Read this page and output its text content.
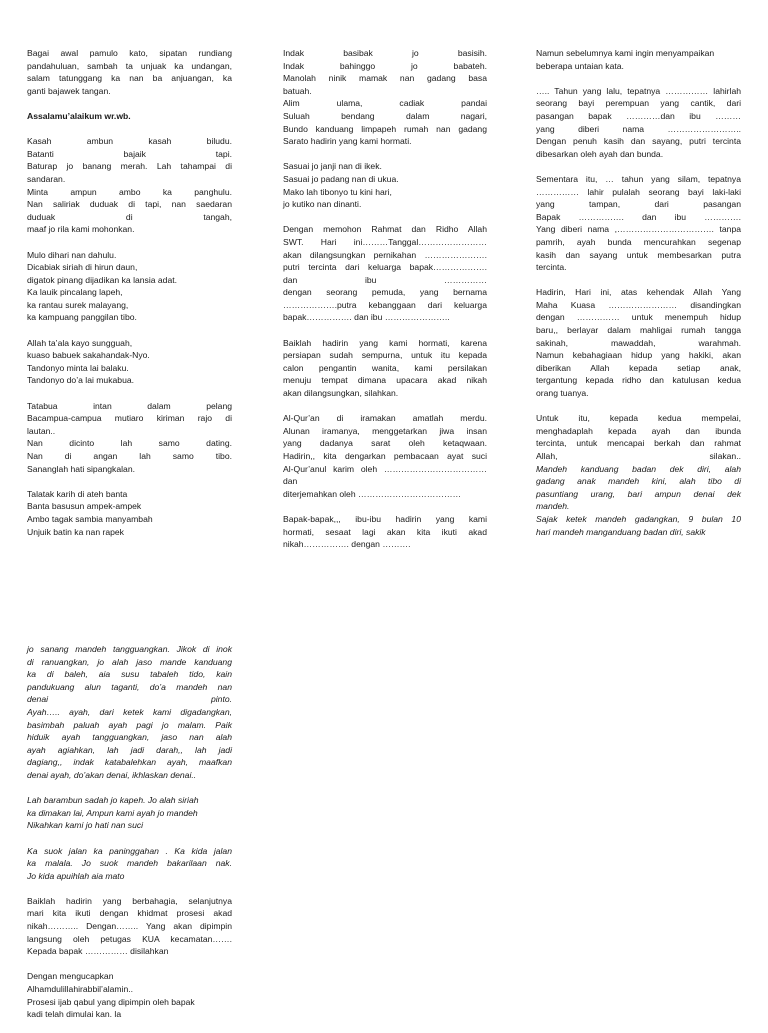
Bagai awal pamulo kato, sipatan rundiang
pandahuluan, sambah ta unjuak ka undangan,
salam tatunggang ka nan ba anjuangan, ka
ganti bajawek tangan.

Assalamu’alaikum wr.wb.

Kasah ambun kasah biludu.
Batanti bajaik tapi.
Baturap jo banang merah. Lah tahampai di
sandaran.
Minta ampun ambo ka panghulu.
Nan saliriak duduak di tapi, nan saedaran
duduak di tangah,
maaf jo rila kami mohonkan.

Mulo dihari nan dahulu.
Dicabiak siriah di hirun daun,
digatok pinang dijadikan ka lansia adat.
Ka lauik pincalang lapeh,
ka rantau surek malayang,
ka kampuang panggilan tibo.

Allah ta’ala kayo sungguah,
kuaso babuek sakahandak-Nyo.
Tandonyo minta lai balaku.
Tandonyo do’a lai mukabua.

Tatabua intan dalam pelang
Bacampua-campua mutiaro kiriman rajo di
lautan..
Nan dicinto lah samo dating.
Nan di angan lah samo tibo.
Sananglah hati sipangkalan.

Talatak karih di ateh banta
Banta basusun ampek-ampek
Ambo tagak sambia manyambah
Unjuik batin ka nan rapek

Indak basibak jo basisih.
Indak bahinggo jo babateh.
Manolah ninik mamak nan gadang basa
batuah.
Alim ulama, cadiak pandai
Suluah bendang dalam nagari,
Bundo kanduang limpapeh rumah nan gadang
Sarato hadirin yang kami hormati.

Sasuai jo janji nan di ikek.
Sasuai jo padang nan di ukua.
Mako lah tibonyo tu kini hari,
jo kutiko nan dinanti.

Dengan memohon Rahmat dan Ridho Allah
SWT. Hari ini………Tanggal……………………
akan dilangsungkan pernikahan ………………….
putri tercinta dari keluarga bapak……………….
dan ibu ……………
dengan seorang pemuda, yang bernama
……………….putra kebanggaan dari keluarga
bapak……………. dan ibu …………………..

Baiklah hadirin yang kami hormati, karena
persiapan sudah sempurna, untuk itu kepada
calon pengantin wanita, kami persilakan
menuju tempat dimana upacara akad nikah
akan dilangsungkan, silahkan.

Al-Qur’an di iramakan amatlah merdu.
Alunan iramanya, menggetarkan jiwa insan
yang dadanya sarat oleh ketaqwaan.
Hadirin,, kita dengarkan pembacaan ayat suci
Al-Qur’anul karim oleh ……………………………… dan
diterjemahkan oleh ………………………………

Bapak-bapak,,, ibu-ibu hadirin yang kami
hormati, sesaat lagi akan kita ikuti akad
nikah……………. dengan ……….

Namun sebelumnya kami ingin menyampaikan
beberapa untaian kata.

….. Tahun yang lalu, tepatnya …………… lahirlah
seorang bayi perempuan yang cantik, dari
pasangan bapak …………dan ibu ………
yang diberi nama ……………………..
Dengan penuh kasih dan sayang, putri tercinta
dibesarkan oleh ayah dan bunda.

Sementara itu, … tahun yang silam, tepatnya
…………… lahir pulalah seorang bayi laki-laki
yang tampan, dari pasangan
Bapak ……………. dan ibu ………….
Yang diberi nama ,……………………………. tanpa
pamrih, ayah bunda mencurahkan segenap
kasih dan sayang untuk membesarkan putra
tercinta.

Hadirin, Hari ini, atas kehendak Allah Yang
Maha Kuasa …………………… disandingkan
dengan …………… untuk menempuh hidup
baru,, berlayar dalam mahligai rumah tangga
sakinah, mawaddah, warahmah.
Namun kebahagiaan hidup yang hakiki, akan
diberikan Allah kepada setiap anak,
tergantung kepada ridho dan katulusan kedua
orang tuanya.

Untuk itu, kepada kedua mempelai,
menghadaplah kepada ayah dan ibunda
tercinta, untuk mencapai berkah dan rahmat
Allah, silakan..
Mandeh kanduang badan dek diri, alah
gadang anak mandeh kini, alah tibo di
pasuntiang urang, bari ampun denai dek
mandeh.
Sajak ketek mandeh gadangkan, 9 bulan 10
hari mandeh manganduang badan diri, sakik

jo sanang mandeh tangguangkan. Jikok di inok
di ranuangkan, jo alah jaso mande kanduang
ka di baleh, aia susu tabaleh tido, kain
pandukuang alun taganti, do’a mandeh nan
denai pinto.
Ayah….. ayah, dari ketek kami digadangkan,
basimbah paluah ayah pagi jo malam. Paik
hiduik ayah tangguangkan, jaso nan alah
ayah agiahkan, lah jadi darah,, lah jadi
dagiang,, indak katabalehkan ayah, maafkan
denai ayah, do’akan denai, ikhlaskan denai..

Lah barambun sadah jo kapeh. Jo alah siriah
ka dimakan lai, Ampun kami ayah jo mandeh
Nikahkan kami jo hati nan suci

Ka suok jalan ka paninggahan . Ka kida jalan
ka malala. Jo suok mandeh bakarilaan nak.
Jo kida apuihlah aia mato

Baiklah hadirin yang berbahagia, selanjutnya
mari kita ikuti dengan khidmat prosesi akad
nikah……….. Dengan…….. Yang akan dipimpin
langsung oleh petugas KUA kecamatan…….
Kepada bapak …………… disilahkan

Dengan mengucapkan
Alhamdulillahirabbil’alamin..
Prosesi ijab qabul yang dipimpin oleh bapak
kadi telah dimulai kan. la
